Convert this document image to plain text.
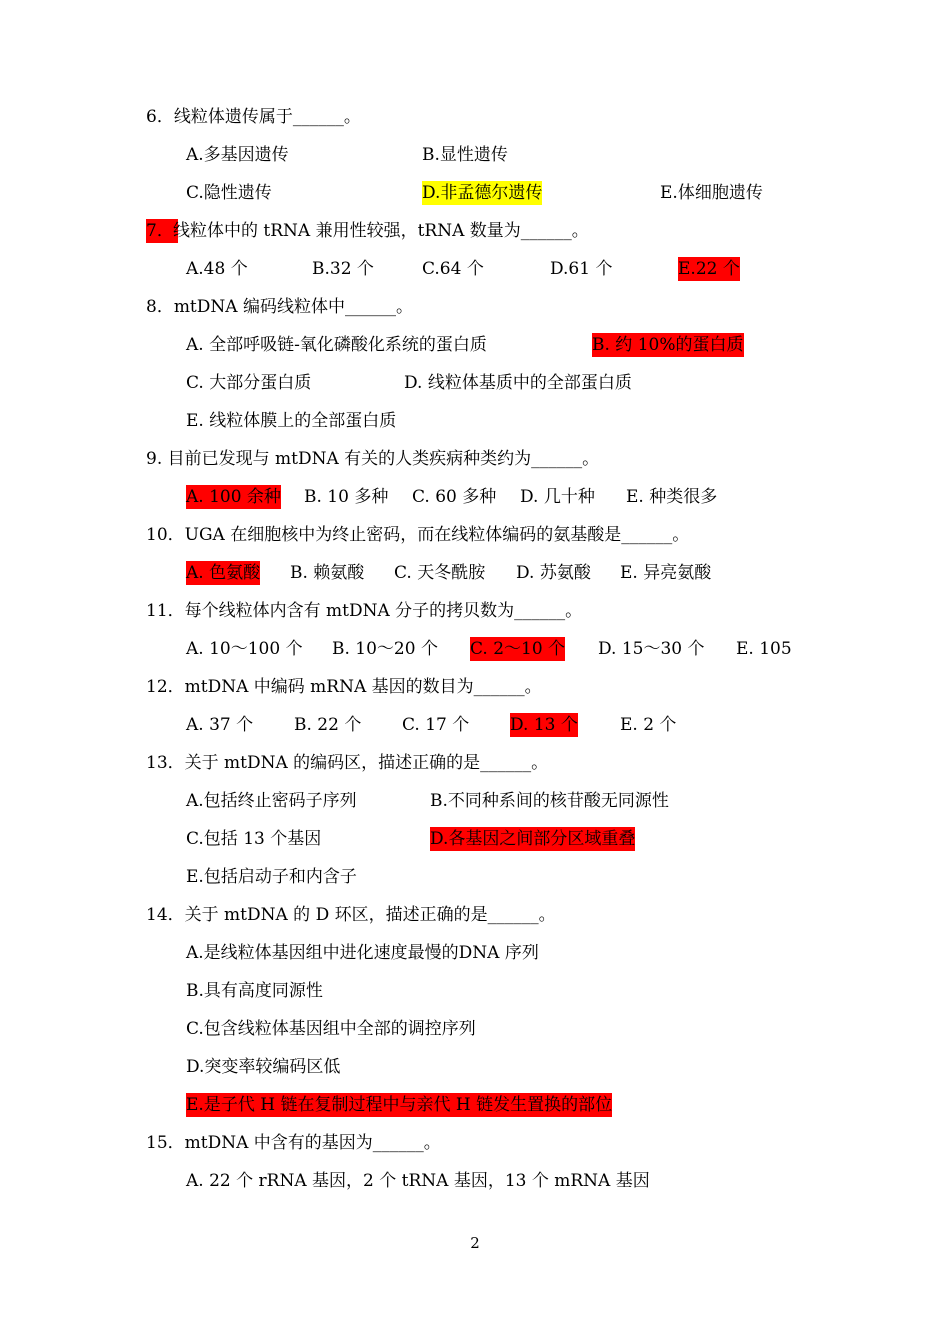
6．线粒体遗传属于______。
A.多基因遗传	B.显性遗传
C.隐性遗传	D.非孟德尔遗传	E.体细胞遗传
7． 线粒体中的 tRNA 兼用性较强，tRNA 数量为______。
A.48 个	B.32 个	C.64 个	D.61 个	E.22 个
8．mtDNA 编码线粒体中______。
A. 全部呼吸链-氧化磷酸化系统的蛋白质	B. 约 10%的蛋白质
C. 大部分蛋白质	D. 线粒体基质中的全部蛋白质
E. 线粒体膜上的全部蛋白质
9. 目前已发现与 mtDNA 有关的人类疾病种类约为______。
A. 100 余种 B. 10 多种 C. 60 多种 D. 几十种 E. 种类很多
10．UGA 在细胞核中为终止密码，而在线粒体编码的氨基酸是______。
A. 色氨酸 B. 赖氨酸 C. 天冬酰胺 D. 苏氨酸 E. 异亮氨酸
11．每个线粒体内含有 mtDNA 分子的拷贝数为______。
A. 10～100 个 B. 10～20 个 C. 2～10 个 D. 15～30 个 E. 105
12．mtDNA 中编码 mRNA 基因的数目为______。
A. 37 个 B. 22 个 C. 17 个 D. 13 个 E. 2 个
13．关于 mtDNA 的编码区，描述正确的是______。
A.包括终止密码子序列	B.不同种系间的核苷酸无同源性
C.包括 13 个基因	D.各基因之间部分区域重叠
E.包括启动子和内含子
14．关于 mtDNA 的 D 环区，描述正确的是______。
A.是线粒体基因组中进化速度最慢的DNA 序列
B.具有高度同源性
C.包含线粒体基因组中全部的调控序列
D.突变率较编码区低
E.是子代 H 链在复制过程中与亲代 H 链发生置换的部位
15．mtDNA 中含有的基因为______。
A. 22 个 rRNA 基因，2 个 tRNA 基因，13 个 mRNA 基因
2
